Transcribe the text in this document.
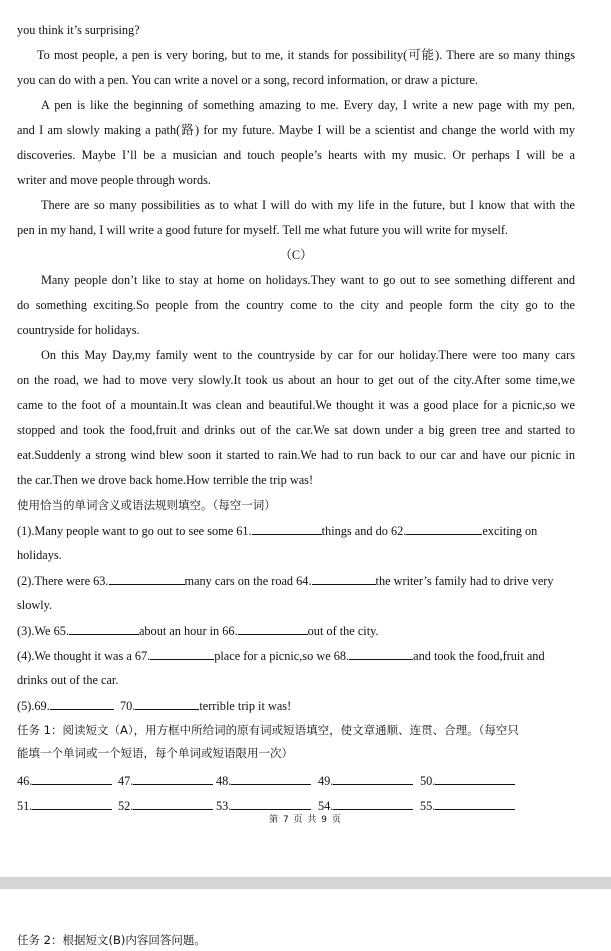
you think it’s surprising?
To most people, a pen is very boring, but to me, it stands for possibility(可能). There are so many things
you can do with a pen. You can write a novel or a song, record information, or draw a picture.
A pen is like the beginning of something amazing to me. Every day, I write a new page with my pen,
and I am slowly making a path(路) for my future. Maybe I will be a scientist and change the world with my
discoveries. Maybe I’ll be a musician and touch people’s hearts with my music. Or perhaps I will be a
writer and move people through words.
There are so many possibilities as to what I will do with my life in the future, but I know that with the
pen in my hand, I will write a good future for myself. Tell me what future you will write for myself.
（C）
Many people don’t like to stay at home on holidays.They want to go out to see something different and
do something exciting.So people from the country come to the city and people form the city go to the
countryside for holidays.
On this May Day,my family went to the countryside by car for our holiday.There were too many cars
on the road, we had to move very slowly.It took us about an hour to get out of the city.After some time,we
came to the foot of a mountain.It was clean and beautiful.We thought it was a good place for a picnic,so we
stopped and took the food,fruit and drinks out of the car.We sat down under a big green tree and started to
eat.Suddenly a strong wind blew soon it started to rain.We had to run back to our car and have our picnic in
the car.Then we drove back home.How terrible the trip was!
使用恰当的单词含义或语法规则填空。（每空一词）
(1).Many people want to go out to see some 61.	things and do 62.	exciting on
holidays.
(2).There were 63.	many cars on the road 64.	the writer’s family had to drive very
slowly.
(3).We 65.	about an hour in 66.	out of the city.
(4).We thought it was a 67.	place for a picnic,so we 68.	and took the food,fruit and
drinks out of the car.
(5).69.	70.	terrible trip it was!
任务 1：阅读短文（A），用方框中所给词的原有词或短语填空，使文章通顺、连贯、合理。（每空只
能填一个单词或一个短语，每个单词或短语限用一次）
46.	47.	48.	49.	50.
51.	52.	53.	54.	55.
第 7 页 共 9 页
任务 2：根据短文(B)内容回答问题。
